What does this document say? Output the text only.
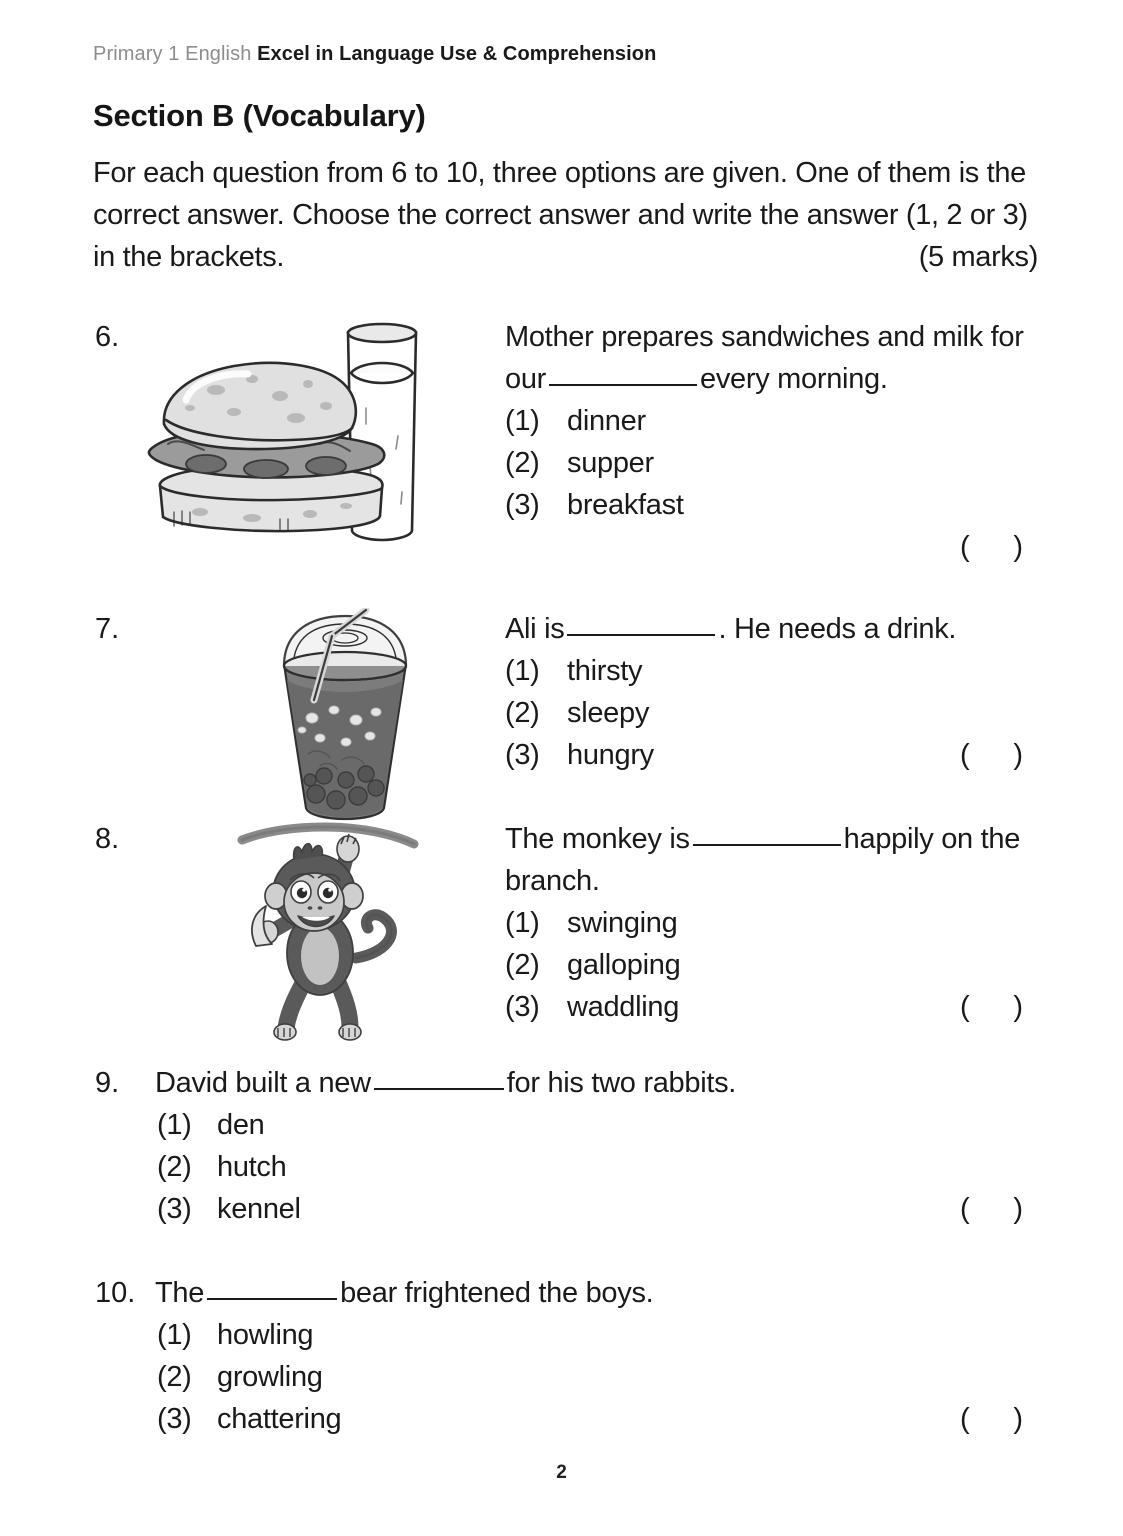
Primary 1 English Excel in Language Use & Comprehension
Section B (Vocabulary)
For each question from 6 to 10, three options are given. One of them is the correct answer. Choose the correct answer and write the answer (1, 2 or 3) in the brackets.	(5 marks)
6.	Mother prepares sandwiches and milk for our	every morning.
(1) dinner
(2) supper
(3) breakfast
( )
7.	Ali is	. He needs a drink.
(1) thirsty
(2) sleepy
(3) hungry	( )
8.	The monkey is	happily on the branch.
(1) swinging
(2) galloping
(3) waddling	( )
9. David built a new	for his two rabbits.
(1) den
(2) hutch
(3) kennel	( )
10. The	bear frightened the boys.
(1) howling
(2) growling
(3) chattering	( )
2
